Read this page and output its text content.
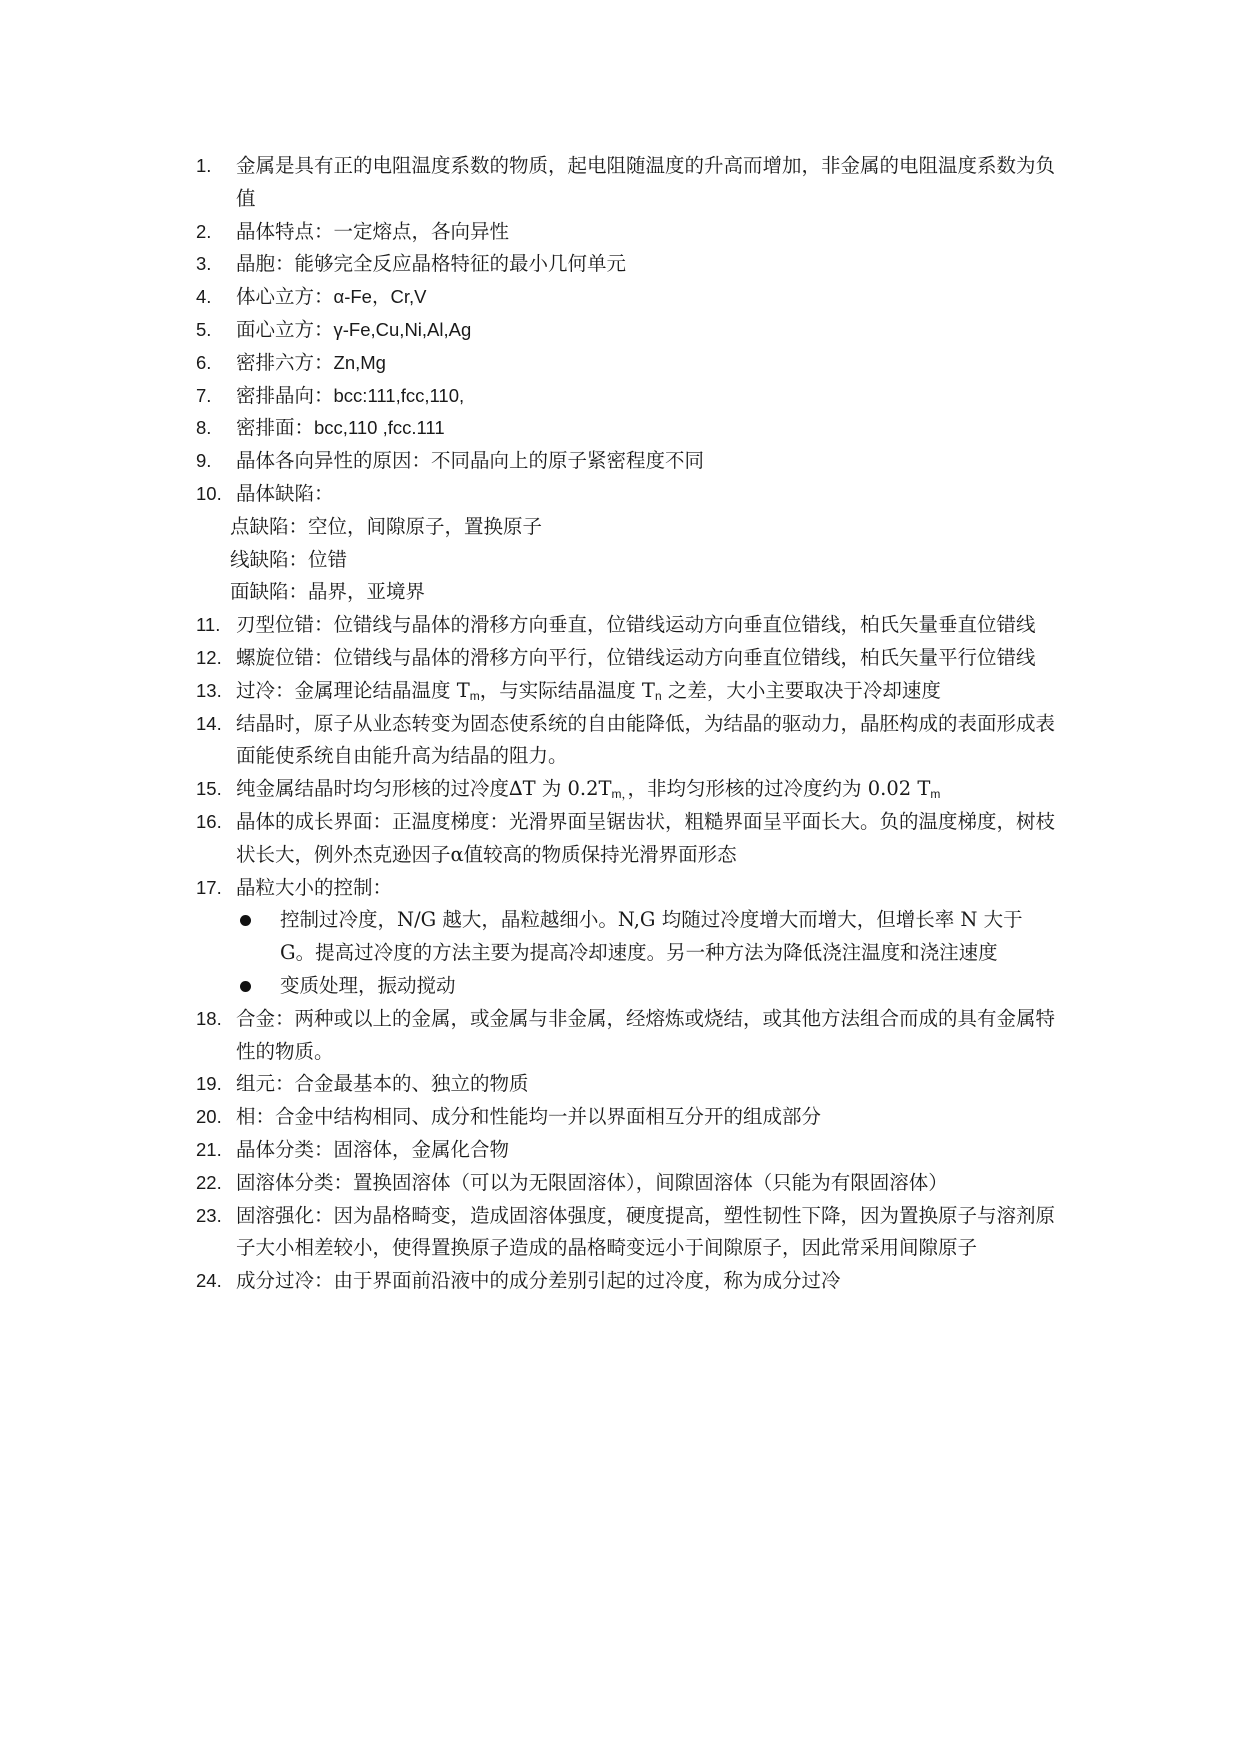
1. 金属是具有正的电阻温度系数的物质，起电阻随温度的升高而增加，非金属的电阻温度系数为负值
2. 晶体特点：一定熔点，各向异性
3. 晶胞：能够完全反应晶格特征的最小几何单元
4. 体心立方：α-Fe，Cr,V
5. 面心立方：γ-Fe,Cu,Ni,Al,Ag
6. 密排六方：Zn,Mg
7. 密排晶向：bcc:111,fcc,110,
8. 密排面：bcc,110 ,fcc.111
9. 晶体各向异性的原因：不同晶向上的原子紧密程度不同
10. 晶体缺陷：
点缺陷：空位，间隙原子，置换原子
线缺陷：位错
面缺陷：晶界，亚境界
11. 刃型位错：位错线与晶体的滑移方向垂直，位错线运动方向垂直位错线，柏氏矢量垂直位错线
12. 螺旋位错：位错线与晶体的滑移方向平行，位错线运动方向垂直位错线，柏氏矢量平行位错线
13. 过冷：金属理论结晶温度 $T_m$，与实际结晶温度 $T_n$ 之差，大小主要取决于冷却速度
14. 结晶时，原子从业态转变为固态使系统的自由能降低，为结晶的驱动力，晶胚构成的表面形成表面能使系统自由能升高为结晶的阻力。
15. 纯金属结晶时均匀形核的过冷度∆T 为 $0.2T_{m,}$，非均匀形核的过冷度约为 0.02 $T_m$
16. 晶体的成长界面：正温度梯度：光滑界面呈锯齿状，粗糙界面呈平面长大。负的温度梯度，树枝状长大，例外杰克逊因子α值较高的物质保持光滑界面形态
17. 晶粒大小的控制：
控制过冷度，N/G 越大，晶粒越细小。N,G 均随过冷度增大而增大，但增长率 N 大于 G。提高过冷度的方法主要为提高冷却速度。另一种方法为降低浇注温度和浇注速度
变质处理，振动搅动
18. 合金：两种或以上的金属，或金属与非金属，经熔炼或烧结，或其他方法组合而成的具有金属特性的物质。
19. 组元：合金最基本的、独立的物质
20. 相：合金中结构相同、成分和性能均一并以界面相互分开的组成部分
21. 晶体分类：固溶体，金属化合物
22. 固溶体分类：置换固溶体（可以为无限固溶体），间隙固溶体（只能为有限固溶体）
23. 固溶强化：因为晶格畸变，造成固溶体强度，硬度提高，塑性韧性下降，因为置换原子与溶剂原子大小相差较小，使得置换原子造成的晶格畸变远小于间隙原子，因此常采用间隙原子
24. 成分过冷：由于界面前沿液中的成分差别引起的过冷度，称为成分过冷
